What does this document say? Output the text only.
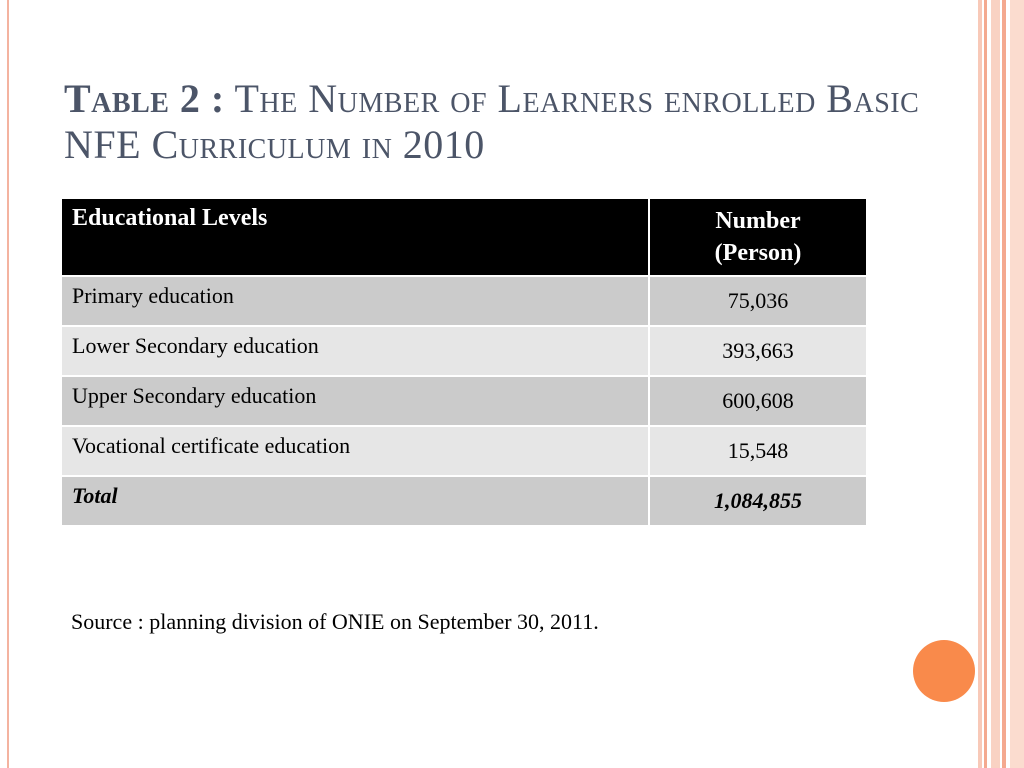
Table 2 : The Number of Learners enrolled Basic NFE Curriculum in 2010
Educational Levels	Number
(Person)
Primary education	75,036
Lower Secondary education	393,663
Upper Secondary education	600,608
Vocational certificate education	15,548
Total	1,084,855

Source : planning division of ONIE on September 30, 2011.
